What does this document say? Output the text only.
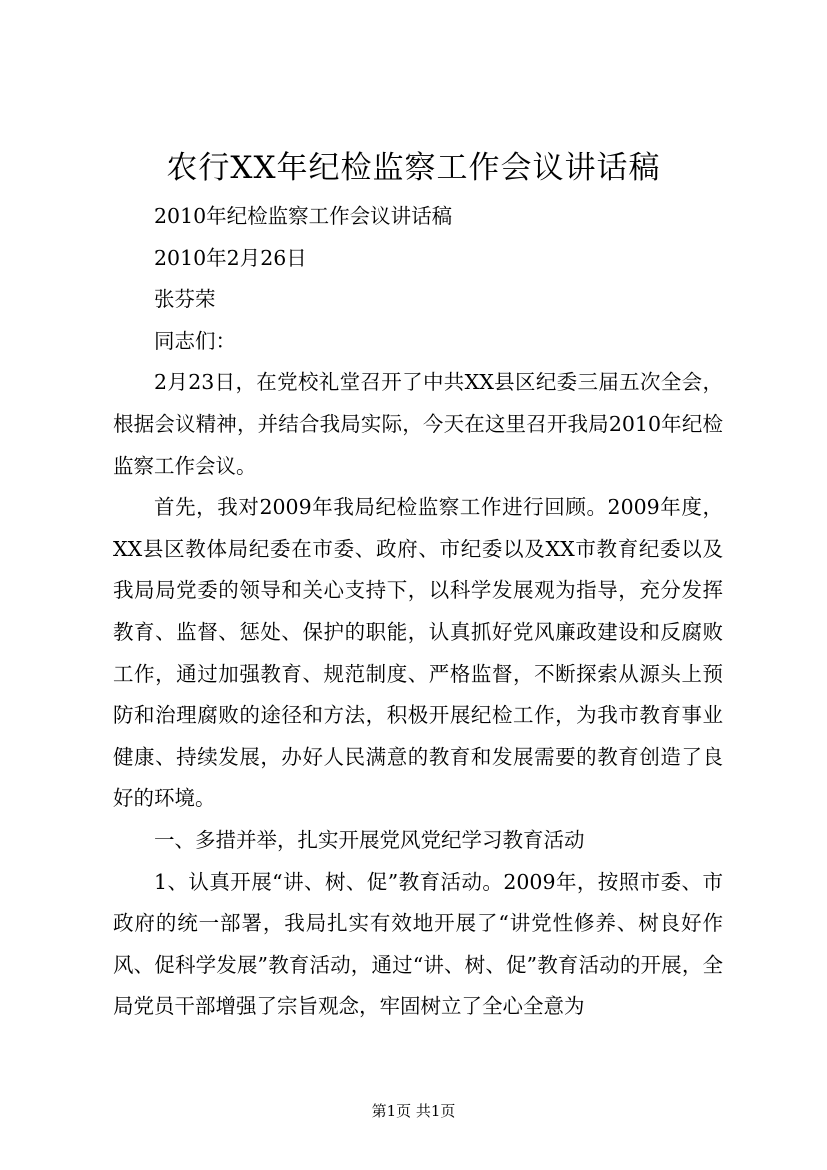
农行XX年纪检监察工作会议讲话稿

2010年纪检监察工作会议讲话稿

2010年2月26日

张芬荣

同志们：

2月23日，在党校礼堂召开了中共XX县区纪委三届五次全会，根据会议精神，并结合我局实际，今天在这里召开我局2010年纪检监察工作会议。

首先，我对2009年我局纪检监察工作进行回顾。2009年度，XX县区教体局纪委在市委、政府、市纪委以及XX市教育纪委以及我局局党委的领导和关心支持下，以科学发展观为指导，充分发挥教育、监督、惩处、保护的职能，认真抓好党风廉政建设和反腐败工作，通过加强教育、规范制度、严格监督，不断探索从源头上预防和治理腐败的途径和方法，积极开展纪检工作，为我市教育事业健康、持续发展，办好人民满意的教育和发展需要的教育创造了良好的环境。

一、多措并举，扎实开展党风党纪学习教育活动

1、认真开展“讲、树、促”教育活动。2009年，按照市委、市政府的统一部署，我局扎实有效地开展了“讲党性修养、树良好作风、促科学发展”教育活动，通过“讲、树、促”教育活动的开展，全局党员干部增强了宗旨观念，牢固树立了全心全意为

第1页 共1页
